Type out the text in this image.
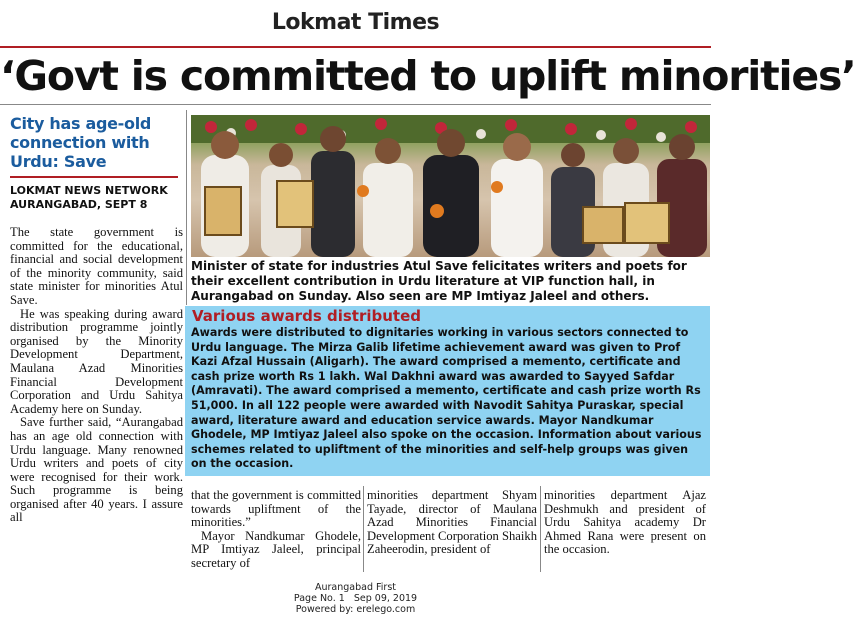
Lokmat Times
‘Govt is committed to uplift minorities’
City has age-old connection with Urdu: Save
LOKMAT NEWS NETWORK
AURANGABAD, SEPT 8

The state government is committed for the educational, financial and social development of the minority community, said state minister for minorities Atul Save.

He was speaking during award distribution programme jointly organised by the Minority Development Department, Maulana Azad Minorities Financial Development Corporation and Urdu Sahitya Academy here on Sunday.

Save further said, “Aurangabad has an age old connection with Urdu language. Many renowned Urdu writers and poets of city were recognised for their work. Such programme is being organised after 40 years. I assure all

Minister of state for industries Atul Save felicitates writers and poets for their excellent contribution in Urdu literature at VIP function hall, in Aurangabad on Sunday. Also seen are MP Imtiyaz Jaleel and others.
Various awards distributed
Awards were distributed to dignitaries working in various sectors connected to Urdu language. The Mirza Galib lifetime achievement award was given to Prof Kazi Afzal Hussain (Aligarh). The award comprised a memento, certificate and cash prize worth Rs 1 lakh. Wal Dakhni award was awarded to Sayyed Safdar (Amravati). The award comprised a memento, certificate and cash prize worth Rs 51,000. In all 122 people were awarded with Navodit Sahitya Puraskar, special award, literature award and education service awards. Mayor Nandkumar Ghodele, MP Imtiyaz Jaleel also spoke on the occasion. Information about various schemes related to upliftment of the minorities and self-help groups was given on the occasion.

that the government is committed towards upliftment of the minorities.”

Mayor Nandkumar Ghodele, MP Imtiyaz Jaleel, principal secretary of

minorities department Shyam Tayade, director of Maulana Azad Minorities Financial Development Corporation Shaikh Zaheerodin, president of

minorities department Ajaz Deshmukh and president of Urdu Sahitya academy Dr Ahmed Rana were present on the occasion.

Aurangabad First
Page No. 1 Sep 09, 2019
Powered by: erelego.com
